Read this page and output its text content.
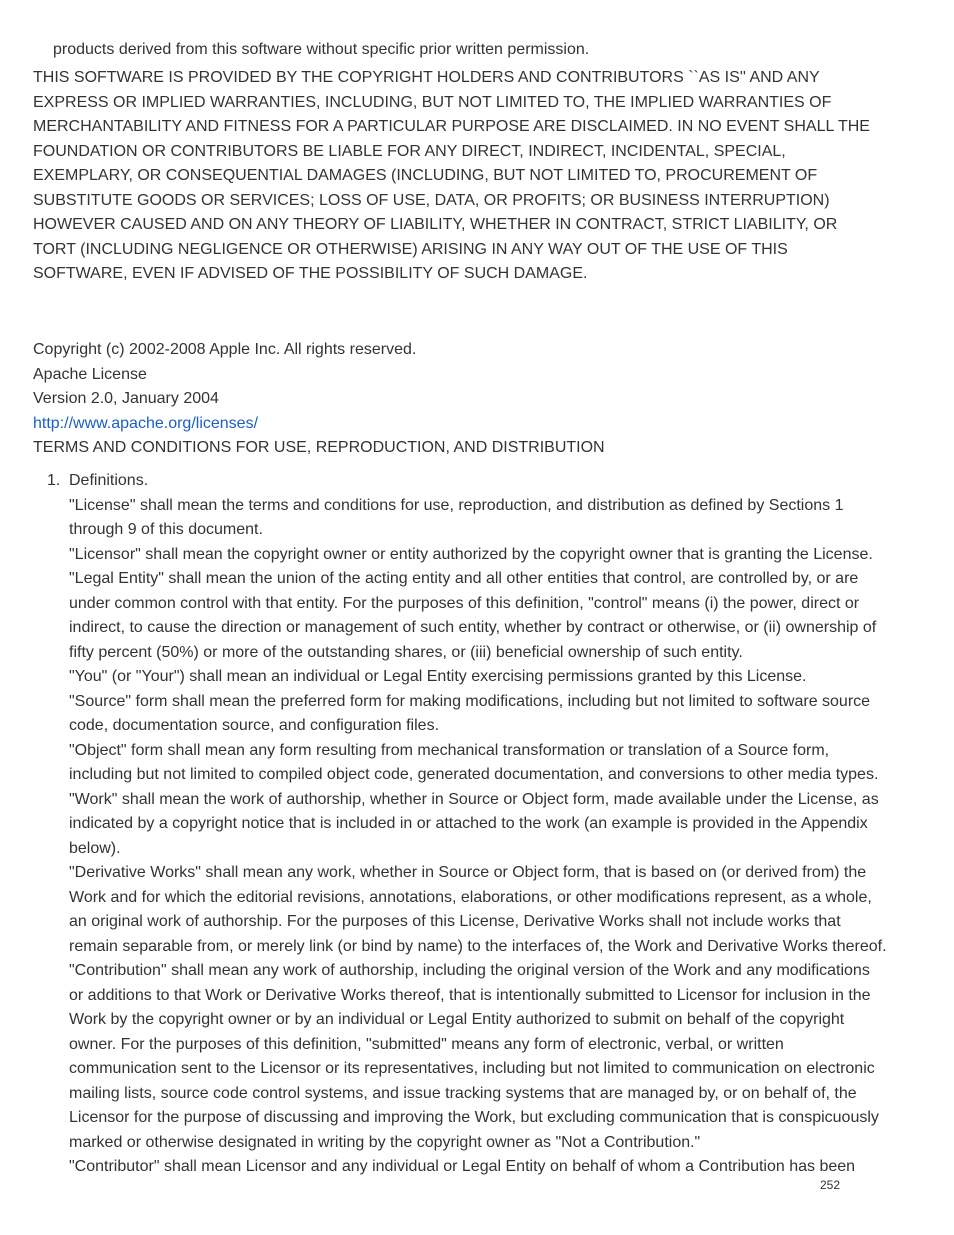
products derived from this software without specific prior written permission.
THIS SOFTWARE IS PROVIDED BY THE COPYRIGHT HOLDERS AND CONTRIBUTORS ``AS IS'' AND ANY
EXPRESS OR IMPLIED WARRANTIES, INCLUDING, BUT NOT LIMITED TO, THE IMPLIED WARRANTIES OF
MERCHANTABILITY AND FITNESS FOR A PARTICULAR PURPOSE ARE DISCLAIMED. IN NO EVENT SHALL THE
FOUNDATION OR CONTRIBUTORS BE LIABLE FOR ANY DIRECT, INDIRECT, INCIDENTAL, SPECIAL,
EXEMPLARY, OR CONSEQUENTIAL DAMAGES (INCLUDING, BUT NOT LIMITED TO, PROCUREMENT OF
SUBSTITUTE GOODS OR SERVICES; LOSS OF USE, DATA, OR PROFITS; OR BUSINESS INTERRUPTION)
HOWEVER CAUSED AND ON ANY THEORY OF LIABILITY, WHETHER IN CONTRACT, STRICT LIABILITY, OR
TORT (INCLUDING NEGLIGENCE OR OTHERWISE) ARISING IN ANY WAY OUT OF THE USE OF THIS
SOFTWARE, EVEN IF ADVISED OF THE POSSIBILITY OF SUCH DAMAGE.
Copyright (c) 2002-2008 Apple Inc. All rights reserved.
Apache License
Version 2.0, January 2004
http://www.apache.org/licenses/
TERMS AND CONDITIONS FOR USE, REPRODUCTION, AND DISTRIBUTION
1. Definitions.
"License" shall mean the terms and conditions for use, reproduction, and distribution as defined by Sections 1
through 9 of this document.
"Licensor" shall mean the copyright owner or entity authorized by the copyright owner that is granting the License.
"Legal Entity" shall mean the union of the acting entity and all other entities that control, are controlled by, or are
under common control with that entity. For the purposes of this definition, "control" means (i) the power, direct or
indirect, to cause the direction or management of such entity, whether by contract or otherwise, or (ii) ownership of
fifty percent (50%) or more of the outstanding shares, or (iii) beneficial ownership of such entity.
"You" (or "Your") shall mean an individual or Legal Entity exercising permissions granted by this License.
"Source" form shall mean the preferred form for making modifications, including but not limited to software source
code, documentation source, and configuration files.
"Object" form shall mean any form resulting from mechanical transformation or translation of a Source form,
including but not limited to compiled object code, generated documentation, and conversions to other media types.
"Work" shall mean the work of authorship, whether in Source or Object form, made available under the License, as
indicated by a copyright notice that is included in or attached to the work (an example is provided in the Appendix
below).
"Derivative Works" shall mean any work, whether in Source or Object form, that is based on (or derived from) the
Work and for which the editorial revisions, annotations, elaborations, or other modifications represent, as a whole,
an original work of authorship. For the purposes of this License, Derivative Works shall not include works that
remain separable from, or merely link (or bind by name) to the interfaces of, the Work and Derivative Works thereof.
"Contribution" shall mean any work of authorship, including the original version of the Work and any modifications
or additions to that Work or Derivative Works thereof, that is intentionally submitted to Licensor for inclusion in the
Work by the copyright owner or by an individual or Legal Entity authorized to submit on behalf of the copyright
owner. For the purposes of this definition, "submitted" means any form of electronic, verbal, or written
communication sent to the Licensor or its representatives, including but not limited to communication on electronic
mailing lists, source code control systems, and issue tracking systems that are managed by, or on behalf of, the
Licensor for the purpose of discussing and improving the Work, but excluding communication that is conspicuously
marked or otherwise designated in writing by the copyright owner as "Not a Contribution."
"Contributor" shall mean Licensor and any individual or Legal Entity on behalf of whom a Contribution has been
252
